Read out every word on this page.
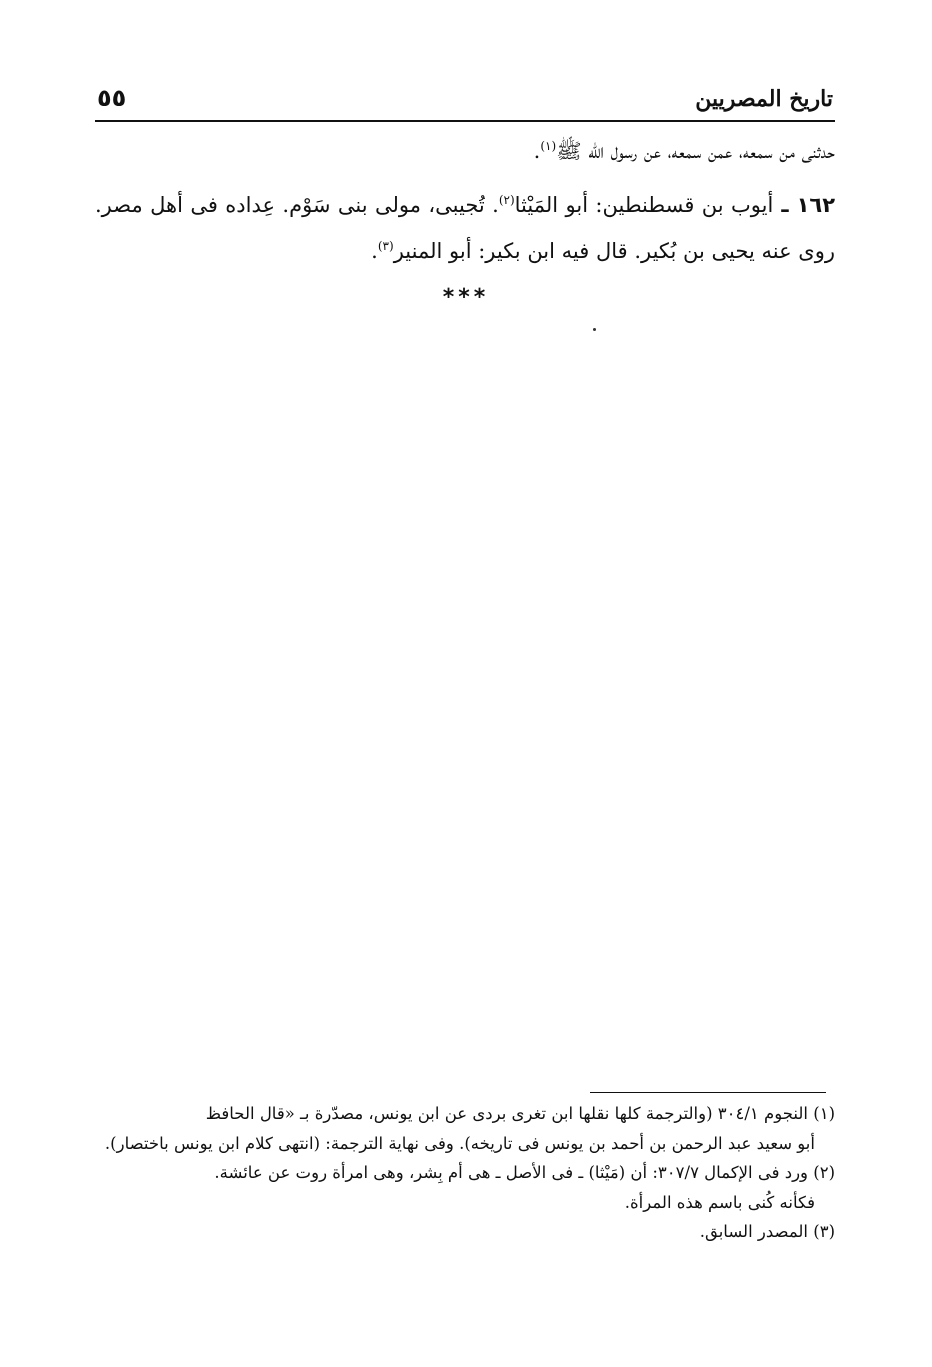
تاريخ المصريين
٥٥

حدثنى من سمعه، عمن سمعه، عن رسول الله ﷺ$^{(١)}$.

١٦٢ ـ أيوب بن قسطنطين: أبو المَيْثا$^{(٢)}$. تُجيبى، مولى بنى سَوْم. عِداده فى أهل مصر. روى عنه يحيى بن بُكير. قال فيه ابن بكير: أبو المنير$^{(٣)}$.

***

(١) النجوم ٣٠٤/١ (والترجمة كلها نقلها ابن تغرى بردى عن ابن يونس، مصدّرة بـ «قال الحافظ
أبو سعيد عبد الرحمن بن أحمد بن يونس فى تاريخه). وفى نهاية الترجمة: (انتهى كلام ابن يونس باختصار).

(٢) ورد فى الإكمال ٣٠٧/٧: أن (مَيْثا) ـ فى الأصل ـ هى أم بِشر، وهى امرأة روت عن عائشة.
فكأنه كُنى باسم هذه المرأة.

(٣) المصدر السابق.
